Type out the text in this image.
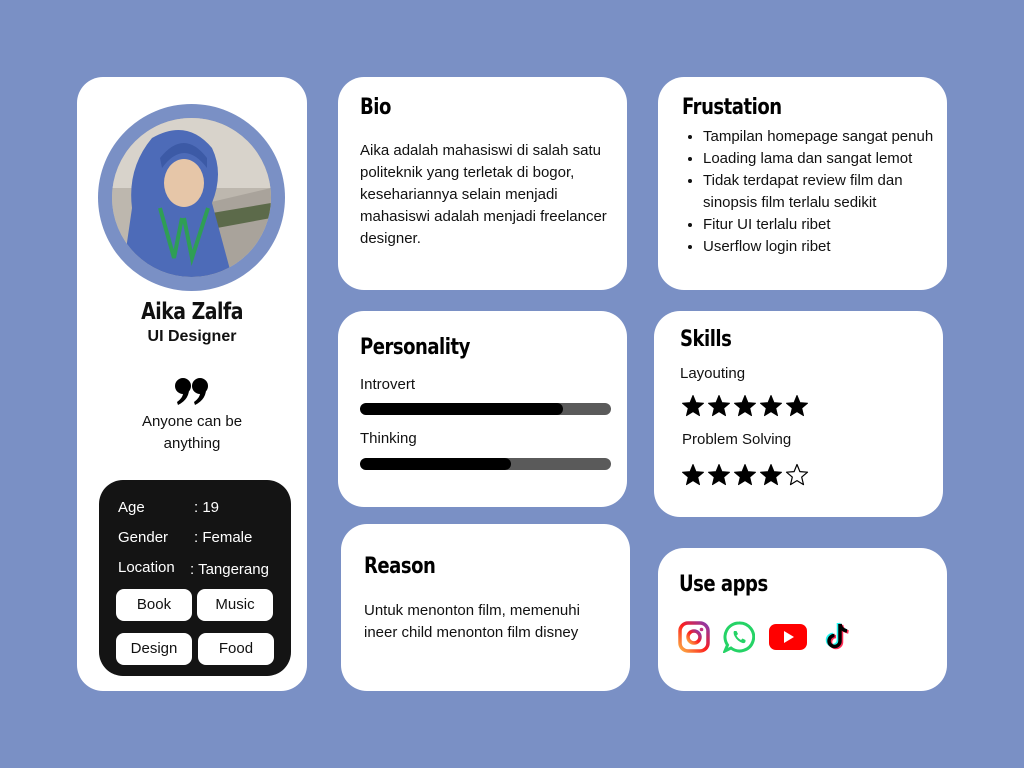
Aika Zalfa
UI Designer
Anyone can be anything
Age	: 19
Gender : Female
Location : Tangerang
Book	Music
Design	Food
Bio
Aika adalah mahasiswi di salah satu politeknik yang terletak di bogor, kesehariannya selain menjadi mahasiswi adalah menjadi freelancer designer.
Frustation
• Tampilan homepage sangat penuh
• Loading lama dan sangat lemot
• Tidak terdapat review film dan sinopsis film terlalu sedikit
• Fitur UI terlalu ribet
• Userflow login ribet
Personality
Introvert
Thinking
Skills
Layouting
Problem Solving
Reason
Untuk menonton film, memenuhi ineer child menonton film disney
Use apps
